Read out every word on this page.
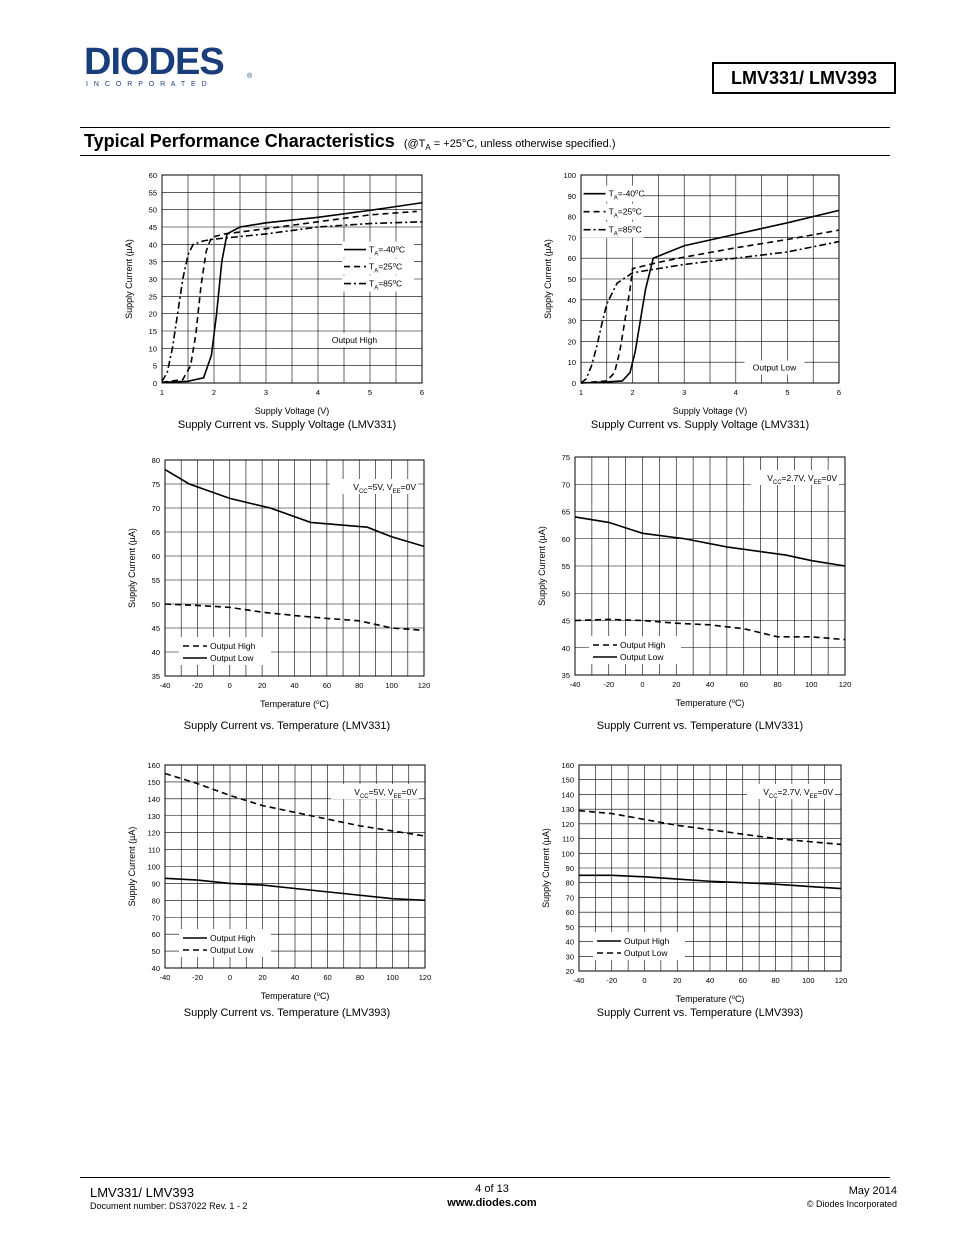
DIODES
I N C O R P O R A T E D
®	LMV331/ LMV393
Typical Performance Characteristics ($@T_A = +25^\circ C$, unless otherwise specified.)
1	2	3	4	5	6
0
5
10
15
20
25
30
35
40
45
50
55
60
Supply Voltage (V)
Supply Current (µA)	$T_A=-40^oC$
$T_A=25^oC$
$T_A=85^oC$
Output High
1	2	3	4	5	6
0
10
20
30
40
50
60
70
80
90
100
Supply Voltage (V)
Supply Current (µA)
$T_A=-40^oC$
$T_A=25^oC$
$T_A=85^oC$
Output Low
-40	-20	0	20	40	60	80	100	120
35
40
45
50
55
60
65
70
75
80
Temperature ($^o$C)
Supply Current (µA)
$V_{CC}=5V$, $V_{EE}=0V$
Output High
Output Low
-40	-20	0	20	40	60	80	100	120
35
40
45
50
55
60
65
70
75
Temperature ($^o$C)
Supply Current (µA)
$V_{CC}=2.7V$, $V_{EE}=0V$
Output High
Output Low
-40	-20	0	20	40	60	80	100	120
40
50
60
70
80
90
100
110
120
130
140
150
160
Temperature ($^o$C)
Supply Current (µA)
$V_{CC}=5V$, $V_{EE}=0V$
Output High
Output Low
-40	-20	0	20	40	60	80	100	120
20
30
40
50
60
70
80
90
100
110
120
130
140
150
160
Temperature ($^o$C)
Supply Current (µA)
$V_{CC}=2.7V$, $V_{EE}=0V$
Output High
Output Low
Supply Current vs. Supply Voltage (LMV331)	Supply Current vs. Supply Voltage (LMV331)
Supply Current vs. Temperature (LMV331)	Supply Current vs. Temperature (LMV331)
Supply Current vs. Temperature (LMV393)	Supply Current vs. Temperature (LMV393)
LMV331/ LMV393
Document number: DS37022 Rev. 1 - 2
4 of 13
www.diodes.com
May 2014
© Diodes Incorporated
